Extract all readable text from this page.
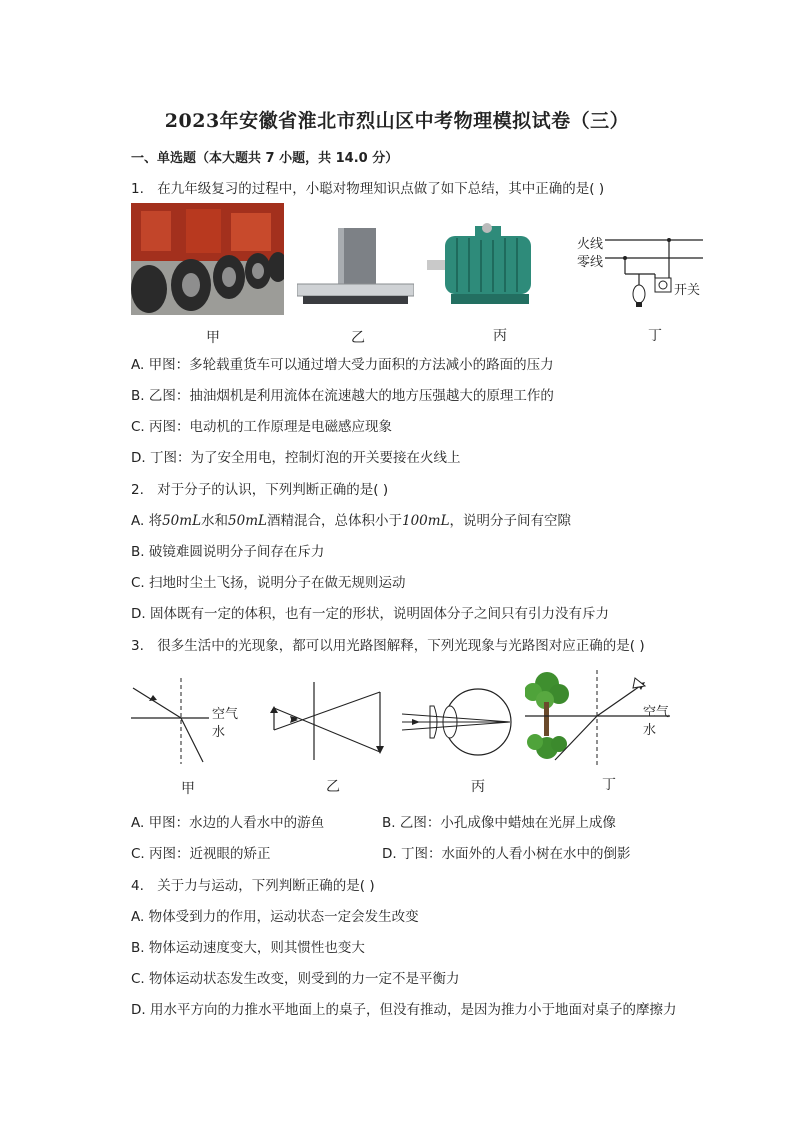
2023年安徽省淮北市烈山区中考物理模拟试卷（三）
一、单选题（本大题共 7 小题，共 14.0 分）
1. 在九年级复习的过程中，小聪对物理知识点做了如下总结，其中正确的是( )
火线
零线
开关
甲	乙	丙	丁
A. 甲图：多轮载重货车可以通过增大受力面积的方法减小的路面的压力
B. 乙图：抽油烟机是利用流体在流速越大的地方压强越大的原理工作的
C. 丙图：电动机的工作原理是电磁感应现象
D. 丁图：为了安全用电，控制灯泡的开关要接在火线上
2. 对于分子的认识，下列判断正确的是( )
A. 将50mL水和50mL酒精混合，总体积小于100mL，说明分子间有空隙
B. 破镜难圆说明分子间存在斥力
C. 扫地时尘土飞扬，说明分子在做无规则运动
D. 固体既有一定的体积，也有一定的形状，说明固体分子之间只有引力没有斥力
3. 很多生活中的光现象，都可以用光路图解释，下列光现象与光路图对应正确的是( )
空气
水
空气
水
甲	乙	丙	丁
A. 甲图：水边的人看水中的游鱼	B. 乙图：小孔成像中蜡烛在光屏上成像
C. 丙图：近视眼的矫正	D. 丁图：水面外的人看小树在水中的倒影
4. 关于力与运动，下列判断正确的是( )
A. 物体受到力的作用，运动状态一定会发生改变
B. 物体运动速度变大，则其惯性也变大
C. 物体运动状态发生改变，则受到的力一定不是平衡力
D. 用水平方向的力推水平地面上的桌子，但没有推动，是因为推力小于地面对桌子的摩擦力
